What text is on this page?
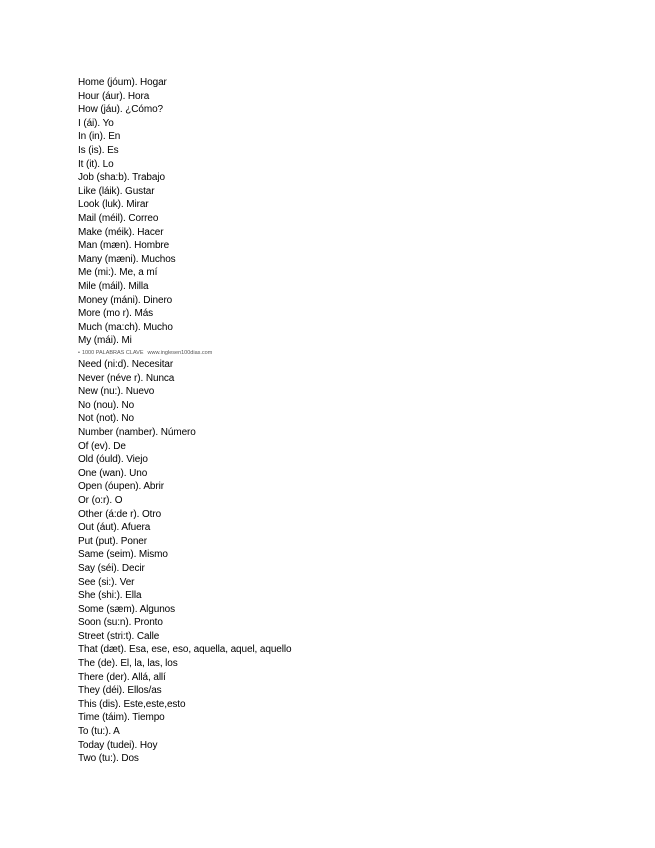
Home (jóum). Hogar
Hour (áur). Hora
How (jáu). ¿Cómo?
I (ái). Yo
In (in). En
Is (is). Es
It (it). Lo
Job (sha:b). Trabajo
Like (láik). Gustar
Look (luk). Mirar
Mail (méil). Correo
Make (méik). Hacer
Man (mæn). Hombre
Many (mæni). Muchos
Me (mi:). Me, a mí
Mile (máil). Milla
Money (máni). Dinero
More (mo r). Más
Much (ma:ch). Mucho
My (mái). Mi
• 1000 PALABRAS CLAVE www.inglesen100dias.com
Need (ni:d). Necesitar
Never (néve r). Nunca
New (nu:). Nuevo
No (nou). No
Not (not). No
Number (namber). Número
Of (ev). De
Old (óuld). Viejo
One (wan). Uno
Open (óupen). Abrir
Or (o:r). O
Other (á:de r). Otro
Out (áut). Afuera
Put (put). Poner
Same (seim). Mismo
Say (séi). Decir
See (si:). Ver
She (shi:). Ella
Some (sæm). Algunos
Soon (su:n). Pronto
Street (stri:t). Calle
That (dæt). Esa, ese, eso, aquella, aquel, aquello
The (de). El, la, las, los
There (der). Allá, allí
They (déi). Ellos/as
This (dis). Este,este,esto
Time (táim). Tiempo
To (tu:). A
Today (tudei). Hoy
Two (tu:). Dos
